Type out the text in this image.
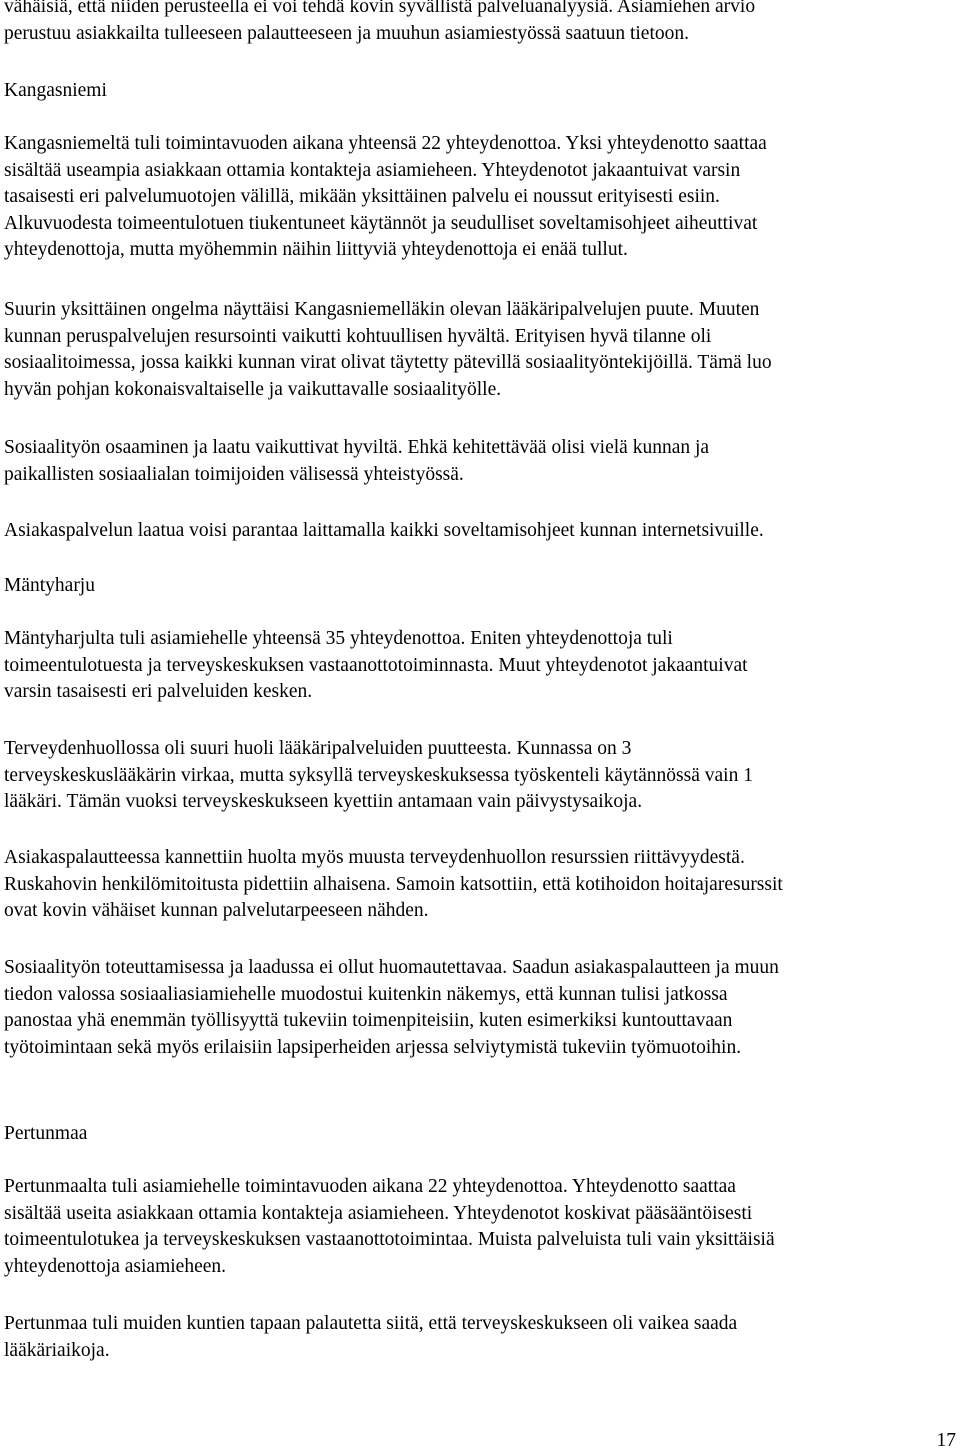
vähäisiä, että niiden perusteella ei voi tehdä kovin syvällistä palveluanalyysiä. Asiamiehen arvio
perustuu asiakkailta tulleeseen palautteeseen ja muuhun asiamiestyössä saatuun tietoon.

Kangasniemi

Kangasniemeltä tuli toimintavuoden aikana yhteensä 22 yhteydenottoa. Yksi yhteydenotto saattaa
sisältää useampia asiakkaan ottamia kontakteja asiamieheen. Yhteydenotot jakaantuivat varsin
tasaisesti eri palvelumuotojen välillä, mikään yksittäinen palvelu ei noussut erityisesti esiin.
Alkuvuodesta toimeentulotuen tiukentuneet käytännöt ja seudulliset soveltamisohjeet aiheuttivat
yhteydenottoja, mutta myöhemmin näihin liittyviä yhteydenottoja ei enää tullut.

Suurin yksittäinen ongelma näyttäisi Kangasniemelläkin olevan lääkäripalvelujen puute. Muuten
kunnan peruspalvelujen resursointi vaikutti kohtuullisen hyvältä. Erityisen hyvä tilanne oli
sosiaalitoimessa, jossa kaikki kunnan virat olivat täytetty pätevillä sosiaalityöntekijöillä. Tämä luo
hyvän pohjan kokonaisvaltaiselle ja vaikuttavalle sosiaalityölle.

Sosiaalityön osaaminen ja laatu vaikuttivat hyviltä. Ehkä kehitettävää olisi vielä kunnan ja
paikallisten sosiaalialan toimijoiden välisessä yhteistyössä.

Asiakaspalvelun laatua voisi parantaa laittamalla kaikki soveltamisohjeet kunnan internetsivuille.

Mäntyharju

Mäntyharjulta tuli asiamiehelle yhteensä 35 yhteydenottoa. Eniten yhteydenottoja tuli
toimeentulotuesta ja terveyskeskuksen vastaanottotoiminnasta. Muut yhteydenotot jakaantuivat
varsin tasaisesti eri palveluiden kesken.

Terveydenhuollossa oli suuri huoli lääkäripalveluiden puutteesta. Kunnassa on 3
terveyskeskuslääkärin virkaa, mutta syksyllä terveyskeskuksessa työskenteli käytännössä vain 1
lääkäri. Tämän vuoksi terveyskeskukseen kyettiin antamaan vain päivystysaikoja.

Asiakaspalautteessa kannettiin huolta myös muusta terveydenhuollon resurssien riittävyydestä.
Ruskahovin henkilömitoitusta pidettiin alhaisena. Samoin katsottiin, että kotihoidon hoitajaresurssit
ovat kovin vähäiset kunnan palvelutarpeeseen nähden.

Sosiaalityön toteuttamisessa ja laadussa ei ollut huomautettavaa. Saadun asiakaspalautteen ja muun
tiedon valossa sosiaaliasiamiehelle muodostui kuitenkin näkemys, että kunnan tulisi jatkossa
panostaa yhä enemmän työllisyyttä tukeviin toimenpiteisiin, kuten esimerkiksi kuntouttavaan
työtoimintaan sekä myös erilaisiin lapsiperheiden arjessa selviytymistä tukeviin työmuotoihin.

Pertunmaa

Pertunmaalta tuli asiamiehelle toimintavuoden aikana 22 yhteydenottoa. Yhteydenotto saattaa
sisältää useita asiakkaan ottamia kontakteja asiamieheen. Yhteydenotot koskivat pääsääntöisesti
toimeentulotukea ja terveyskeskuksen vastaanottotoimintaa. Muista palveluista tuli vain yksittäisiä
yhteydenottoja asiamieheen.

Pertunmaa tuli muiden kuntien tapaan palautetta siitä, että terveyskeskukseen oli vaikea saada
lääkäriaikoja.

17
